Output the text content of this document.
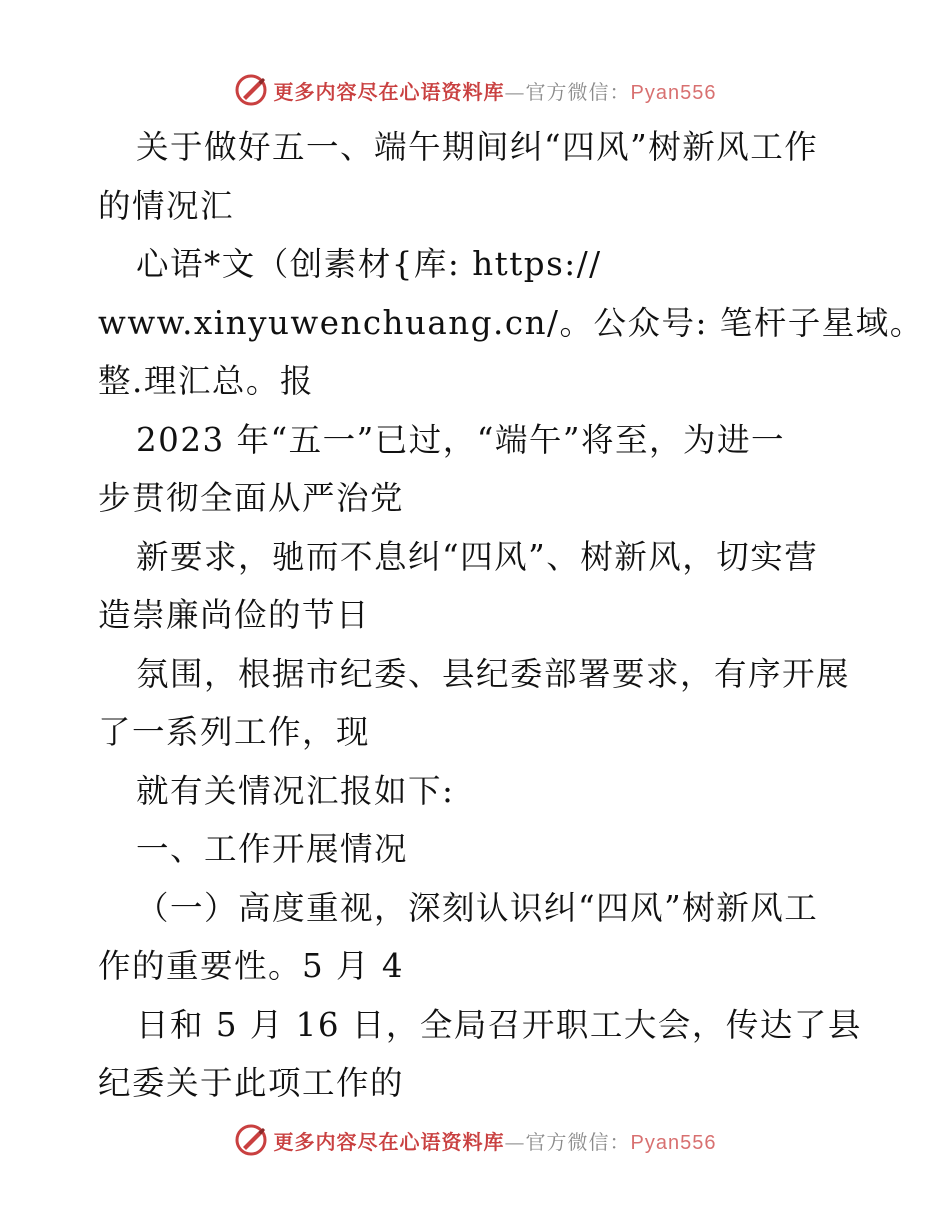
更多内容尽在心语资料库—官方微信：Pyan556
关于做好五一、端午期间纠“四风”树新风工作
的情况汇
心语*文（创素材{库: https://
www.xinyuwenchuang.cn/。公众号: 笔杆子星域。
整.理汇总。报
2023 年“五一”已过，“端午”将至，为进一
步贯彻全面从严治党
新要求，驰而不息纠“四风”、树新风，切实营
造崇廉尚俭的节日
氛围，根据市纪委、县纪委部署要求，有序开展
了一系列工作，现
就有关情况汇报如下:
一、工作开展情况
（一）高度重视，深刻认识纠“四风”树新风工
作的重要性。5 月 4
日和 5 月 16 日，全局召开职工大会，传达了县
纪委关于此项工作的
更多内容尽在心语资料库—官方微信：Pyan556
